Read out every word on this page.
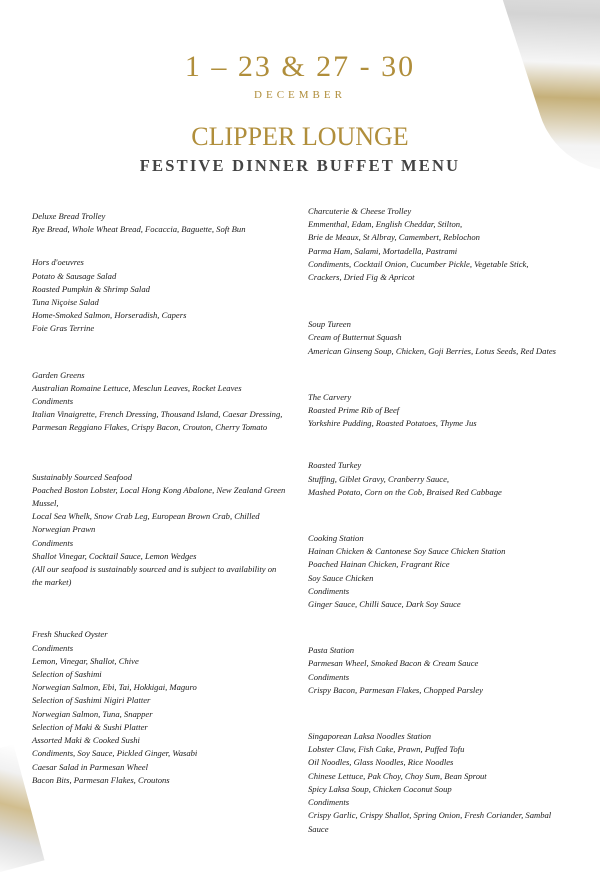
1 – 23 & 27 - 30
DECEMBER
CLIPPER LOUNGE
FESTIVE DINNER BUFFET MENU
Deluxe Bread Trolley
Rye Bread, Whole Wheat Bread, Focaccia, Baguette, Soft Bun
Hors d'oeuvres
Potato & Sausage Salad
Roasted Pumpkin & Shrimp Salad
Tuna Niçoise Salad
Home-Smoked Salmon, Horseradish, Capers
Foie Gras Terrine
Garden Greens
Australian Romaine Lettuce, Mesclun Leaves, Rocket Leaves
Condiments
Italian Vinaigrette, French Dressing, Thousand Island, Caesar Dressing,
Parmesan Reggiano Flakes, Crispy Bacon, Crouton, Cherry Tomato
Sustainably Sourced Seafood
Poached Boston Lobster, Local Hong Kong Abalone, New Zealand Green Mussel,
Local Sea Whelk, Snow Crab Leg, European Brown Crab, Chilled Norwegian Prawn
Condiments
Shallot Vinegar, Cocktail Sauce, Lemon Wedges
(All our seafood is sustainably sourced and is subject to availability on the market)
Fresh Shucked Oyster
Condiments
Lemon, Vinegar, Shallot, Chive
Selection of Sashimi
Norwegian Salmon, Ebi, Tai, Hokkigai, Maguro
Selection of Sashimi Nigiri Platter
Norwegian Salmon, Tuna, Snapper
Selection of Maki & Sushi Platter
Assorted Maki & Cooked Sushi
Condiments, Soy Sauce, Pickled Ginger, Wasabi
Caesar Salad in Parmesan Wheel
Bacon Bits, Parmesan Flakes, Croutons
Charcuterie & Cheese Trolley
Emmenthal, Edam, English Cheddar, Stilton,
Brie de Meaux, St Albray, Camembert, Reblochon
Parma Ham, Salami, Mortadella, Pastrami
Condiments, Cocktail Onion, Cucumber Pickle, Vegetable Stick,
Crackers, Dried Fig & Apricot
Soup Tureen
Cream of Butternut Squash
American Ginseng Soup, Chicken, Goji Berries, Lotus Seeds, Red Dates
The Carvery
Roasted Prime Rib of Beef
Yorkshire Pudding, Roasted Potatoes, Thyme Jus
Roasted Turkey
Stuffing, Giblet Gravy, Cranberry Sauce,
Mashed Potato, Corn on the Cob, Braised Red Cabbage
Cooking Station
Hainan Chicken & Cantonese Soy Sauce Chicken Station
Poached Hainan Chicken, Fragrant Rice
Soy Sauce Chicken
Condiments
Ginger Sauce, Chilli Sauce, Dark Soy Sauce
Pasta Station
Parmesan Wheel, Smoked Bacon & Cream Sauce
Condiments
Crispy Bacon, Parmesan Flakes, Chopped Parsley
Singaporean Laksa Noodles Station
Lobster Claw, Fish Cake, Prawn, Puffed Tofu
Oil Noodles, Glass Noodles, Rice Noodles
Chinese Lettuce, Pak Choy, Choy Sum, Bean Sprout
Spicy Laksa Soup, Chicken Coconut Soup
Condiments
Crispy Garlic, Crispy Shallot, Spring Onion, Fresh Coriander, Sambal Sauce
